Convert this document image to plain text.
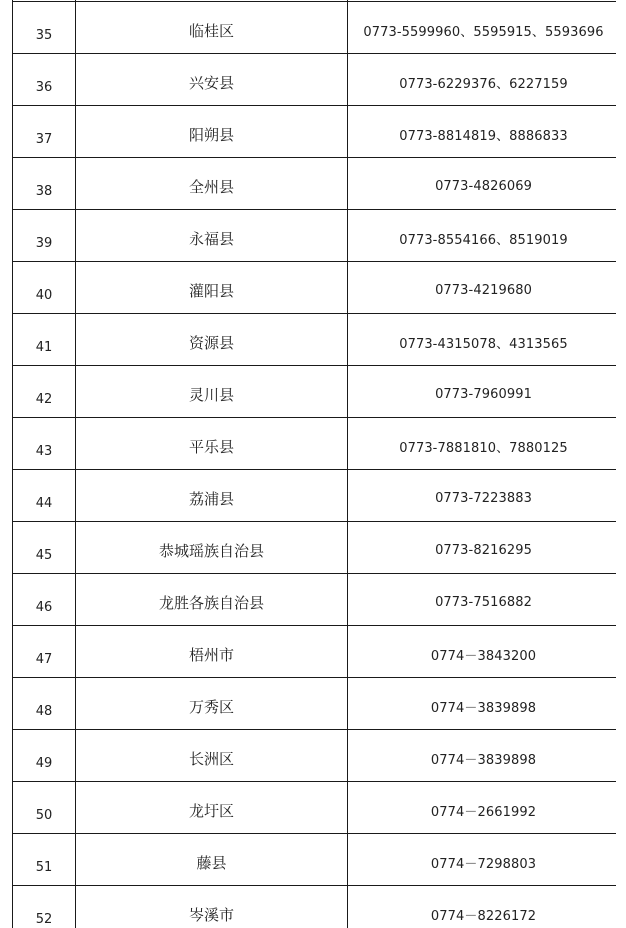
35	临桂区	0773-5599960、5595915、5593696
36	兴安县	0773-6229376、6227159
37	阳朔县	0773-8814819、8886833
38	全州县	0773-4826069
39	永福县	0773-8554166、8519019
40	灌阳县	0773-4219680
41	资源县	0773-4315078、4313565
42	灵川县	0773-7960991
43	平乐县	0773-7881810、7880125
44	荔浦县	0773-7223883
45	恭城瑶族自治县	0773-8216295
46	龙胜各族自治县	0773-7516882
47	梧州市	0774－3843200
48	万秀区	0774－3839898
49	长洲区	0774－3839898
50	龙圩区	0774－2661992
51	藤县	0774－7298803
52	岑溪市	0774－8226172
